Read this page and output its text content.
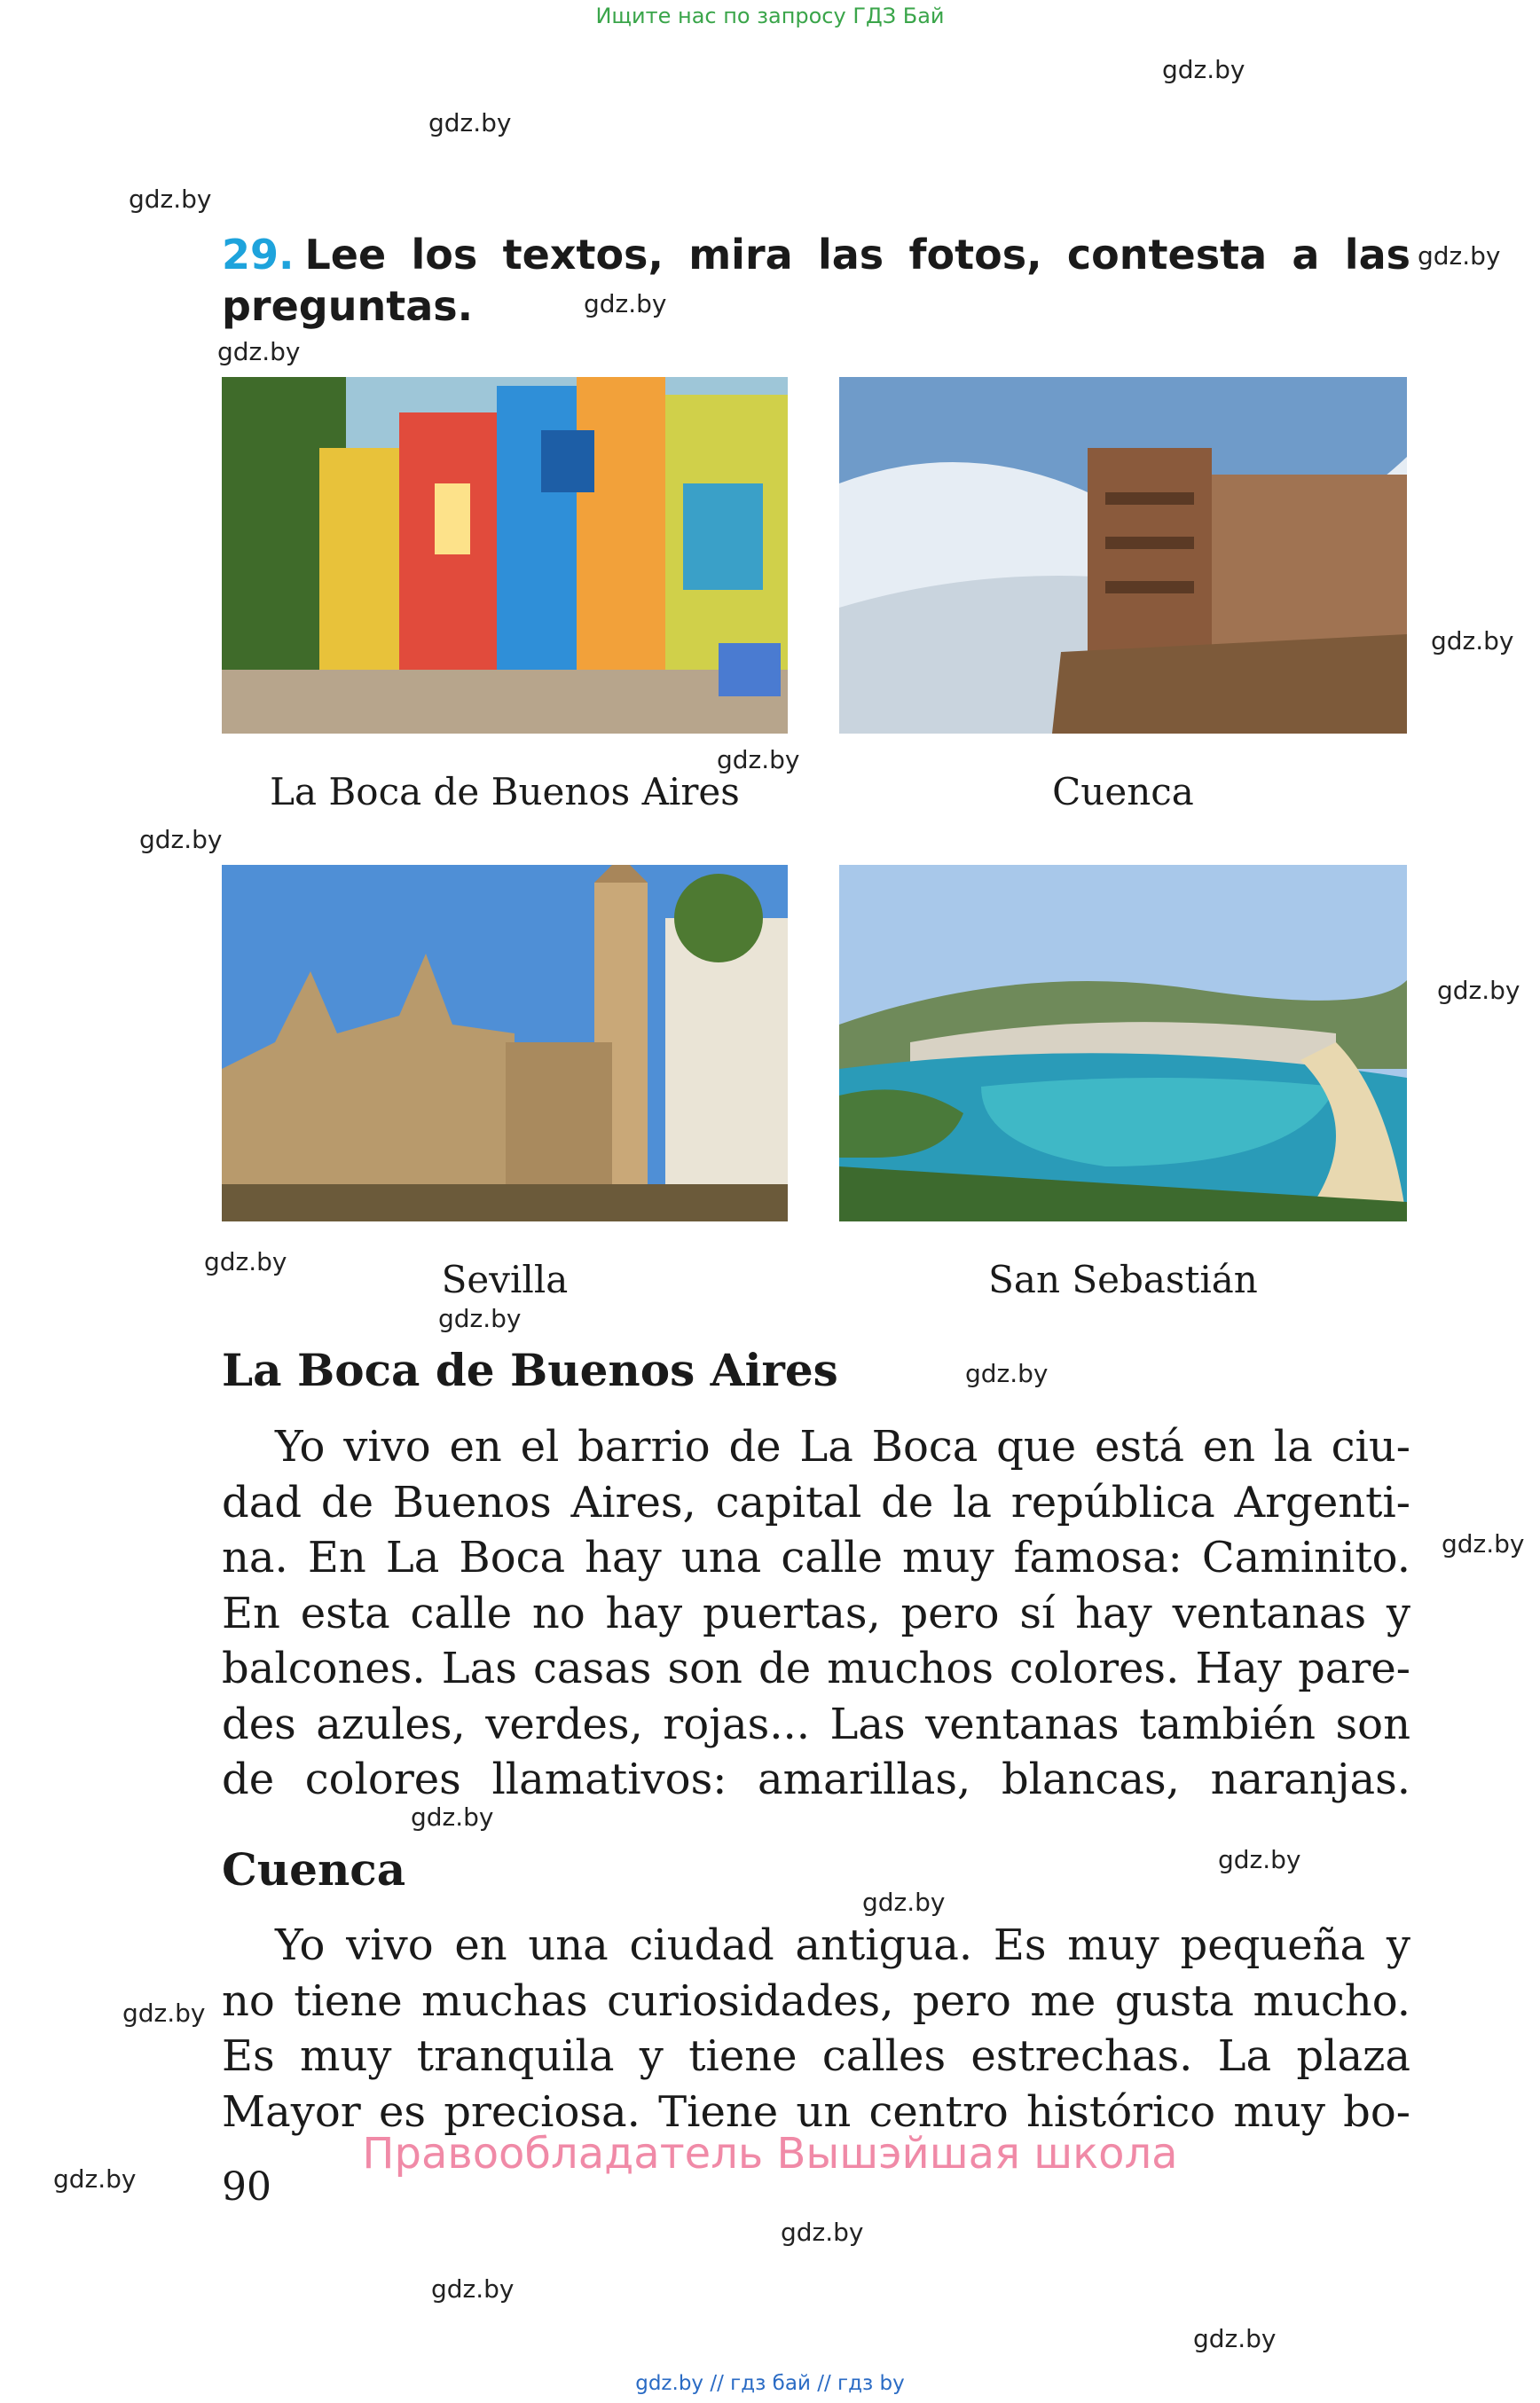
Ищите нас по запросу ГДЗ Бай
gdz.by
gdz.by
gdz.by
gdz.by
gdz.by
gdz.by
gdz.by
gdz.by
gdz.by
gdz.by
gdz.by
gdz.by
gdz.by
gdz.by
gdz.by
gdz.by
gdz.by
gdz.by
gdz.by
gdz.by
gdz.by
gdz.by
29. Lee los textos, mira las fotos, contesta a las preguntas.
La Boca de Buenos Aires	Cuenca
Sevilla	San Sebastián
La Boca de Buenos Aires
Yo vivo en el barrio de La Boca que está en la ciu-
dad de Buenos Aires, capital de la república Argenti-
na. En La Boca hay una calle muy famosa: Caminito.
En esta calle no hay puertas, pero sí hay ventanas y
balcones. Las casas son de muchos colores. Hay pare-
des azules, verdes, rojas... Las ventanas también son
de colores llamativos: amarillas, blancas, naranjas.
Cuenca
Yo vivo en una ciudad antigua. Es muy pequeña y
no tiene muchas curiosidades, pero me gusta mucho.
Es muy tranquila y tiene calles estrechas. La plaza
Mayor es preciosa. Tiene un centro histórico muy bo-
Правообладатель Вышэйшая школа
90
gdz.by // гдз бай // гдз by
